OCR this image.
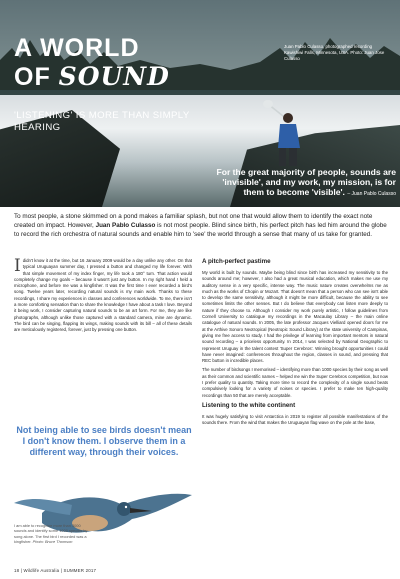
A WORLD
OF SOUND
'LISTENING' IS MORE THAN SIMPLY HEARING
Juan Pablo Culasso, photographed recording Kawishiwi Falls, Minnesota, USA. Photo: Juan Jose Culasso
For the great majority of people, sounds are 'invisible', and my work, my mission, is for them to become 'visible'. – Juan Pablo Culasso
To most people, a stone skimmed on a pond makes a familiar splash, but not one that would allow them to identify the exact note created on impact. However, Juan Pablo Culasso is not most people. Blind since birth, his perfect pitch has led him around the globe to record the rich orchestra of natural sounds and enable him to 'see' the world through a sense that many of us take for granted.

Ididn't know it at the time, but 16 January 2009 would be a day unlike any other. On that typical Uruguayan summer day, I pressed a button and changed my life forever. With that simple movement of my index finger, my life took a 180° turn. That action would completely change my goals – because it wasn't just any button. In my right hand I held a microphone, and before me was a kingfisher. It was the first time I ever recorded a bird's song. Twelve years later, recording natural sounds is my main work. Thanks to these recordings, I share my experiences in classes and conferences worldwide. To me, there isn't a more comforting sensation than to share the knowledge I have about a task I love. Beyond it being work, I consider capturing natural sounds to be an art form. For me, they are like photographs, although unlike those captured with a standard camera, mine are dynamic. The bird can be singing, flapping its wings, making sounds with its bill – all of these details are meticulously registered, forever, just by pressing one button.

Not being able to see birds doesn't mean I don't know them. I observe them in a different way, through their voices.
I am able to recognise more than 3000 sounds and identify some 1000 species by song alone. The first bird I recorded was a kingfisher. Photo: Bruce Thomson
A pitch-perfect pastime

My world is built by sounds. Maybe being blind since birth has increased my sensitivity to the sounds around me; however, I also had a great musical education, which makes me use my auditory sense in a very specific, intense way. The music nature creates overwhelms me as much as the works of Chopin or Mozart. That doesn't mean that a person who can see isn't able to develop the same sensitivity, although it might be more difficult, because the ability to see sometimes limits the other senses. But I do believe that everybody can listen more deeply to nature if they choose to. Although I consider my work purely artistic, I follow guidelines from Cornell University to catalogue my recordings in the Macaulay Library – the main online catalogue of natural sounds. In 2005, the late professor Jacques Vielliard opened doors for me at the Arthive Sonoro Neotropical (Neotropic Sound Library) at the state university of Campinas, giving me free access to study. I had the privilege of learning from important mentors in natural sound recording – a priceless opportunity. In 2014, I was selected by National Geographic to represent Uruguay in the talent contest 'Super Cerebros'. Winning brought opportunities I could have never imagined: conferences throughout the region, classes in sound, and pressing that REC button in incredible places.

The number of birdsongs I memorised – identifying more than 1000 species by their song as well as their common and scientific names – helped me win the Super Cerebros competition, but now I prefer quality to quantity. Taking more time to record the complexity of a single sound beats compulsively looking for a variety of noises or species. I prefer to make ten high-quality recordings than 50 that are merely acceptable.

Listening to the white continent

It was hugely satisfying to visit Antarctica in 2019 to register all possible manifestations of the sounds there. From the wind that makes the Uruguayan flag wave on the pole at the base,

18 | Wildlife Australia | SUMMER 2017
